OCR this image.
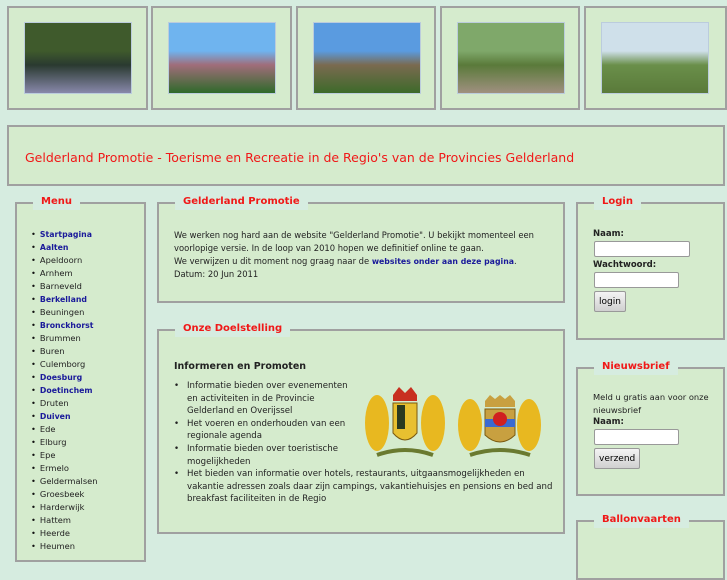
Gelderland Promotie - Toerisme en Recreatie in de Regio's van de Provincies Gelderland
Menu
• Startpagina
• Aalten
• Apeldoorn
• Arnhem
• Barneveld
• Berkelland
• Beuningen
• Bronckhorst
• Brummen
• Buren
• Culemborg
• Doesburg
• Doetinchem
• Druten
• Duiven
• Ede
• Elburg
• Epe
• Ermelo
• Geldermalsen
• Groesbeek
• Harderwijk
• Hattem
• Heerde
• Heumen
Gelderland Promotie

We werken nog hard aan de website "Gelderland Promotie". U bekijkt momenteel een voorlopige versie. In de loop van 2010 hopen we definitief online te gaan.

We verwijzen u dit moment nog graag naar de websites onder aan deze pagina.

Datum: 20 Jun 2011

Onze Doelstelling
Informeren en Promoten
• Informatie bieden over evenementen en activiteiten in de Provincie Gelderland en Overijssel
• Het voeren en onderhouden van een regionale agenda
• Informatie bieden over toeristische mogelijkheden
• Het bieden van informatie over hotels, restaurants, uitgaansmogelijkheden en vakantie adressen zoals daar zijn campings, vakantiehuisjes en pensions en bed and breakfast faciliteiten in de Regio
Login
Naam:
Wachtwoord:
login
Nieuwsbrief

Meld u gratis aan voor onze nieuwsbrief

Naam:
verzend
Ballonvaarten
